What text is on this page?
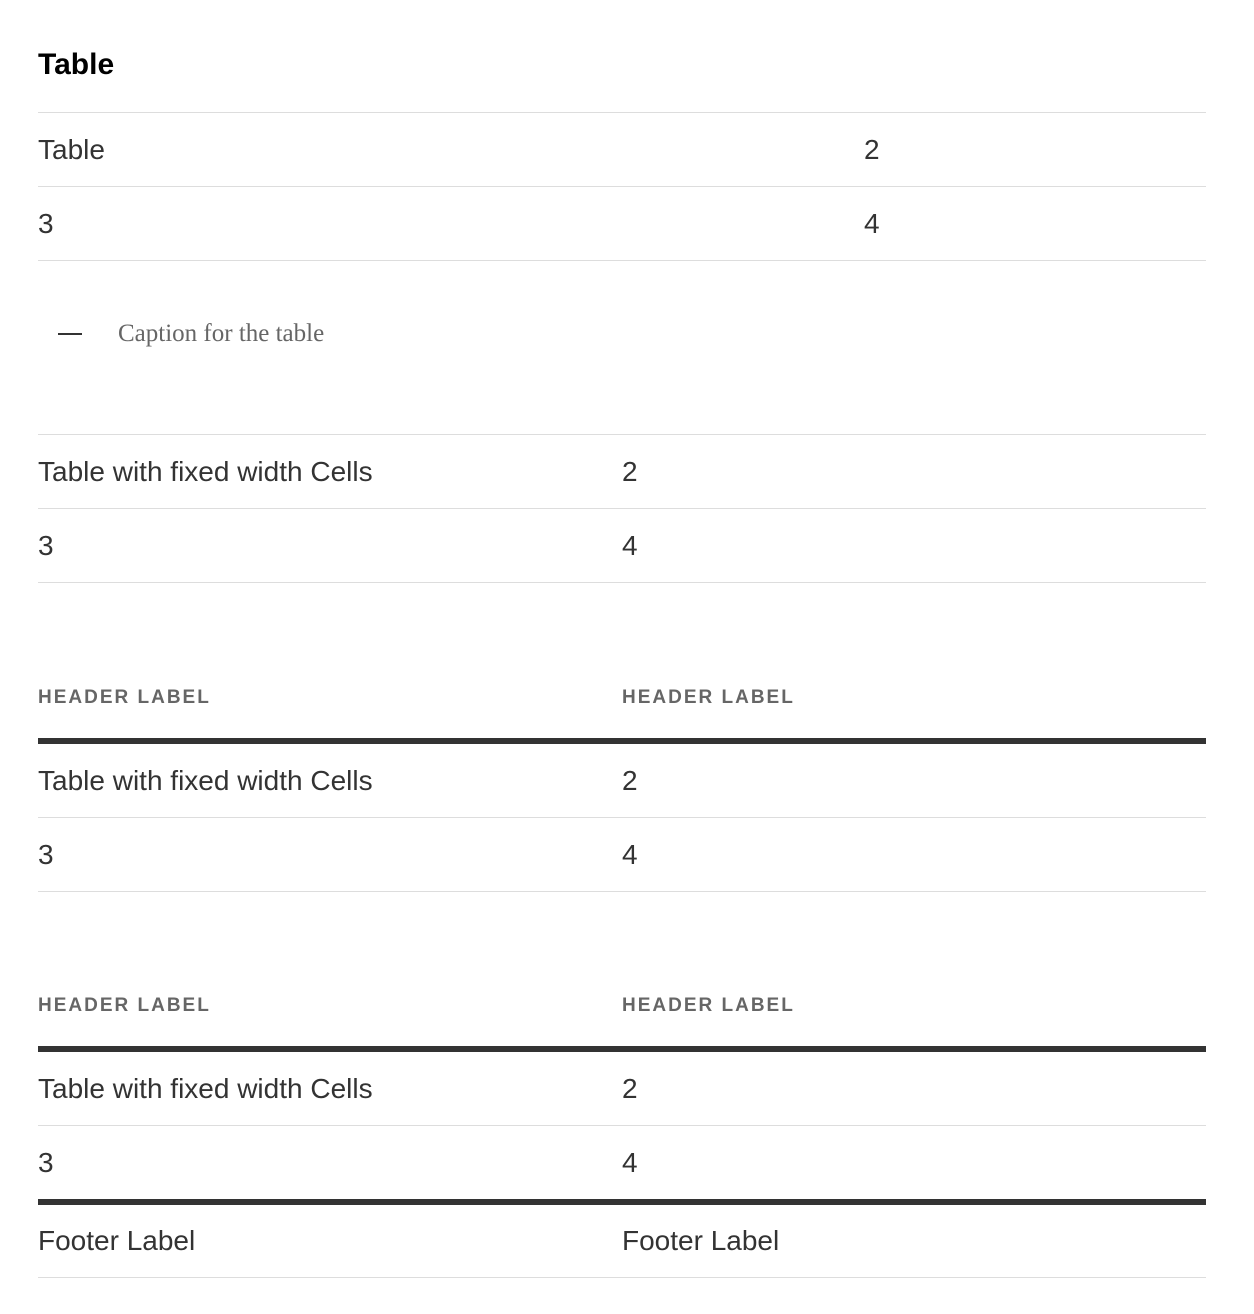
Table
Table	2
3	4
Caption for the table
Table with fixed width Cells	2
3	4
HEADER LABEL	HEADER LABEL
Table with fixed width Cells	2
3	4
HEADER LABEL	HEADER LABEL
Table with fixed width Cells	2
3	4
Footer Label	Footer Label
